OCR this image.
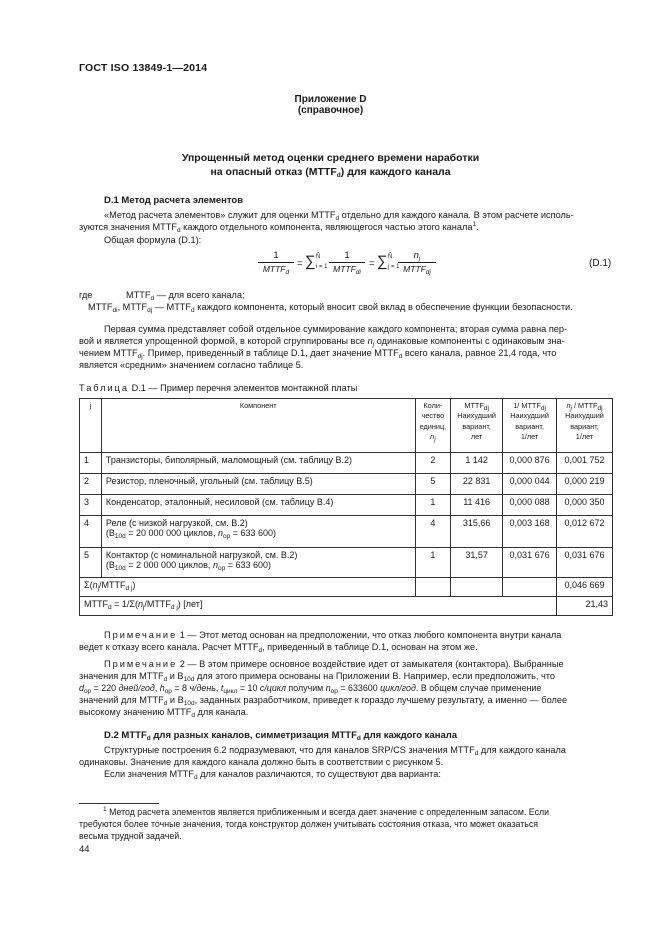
ГОСТ ISO 13849-1—2014
Приложение D
(справочное)
Упрощенный метод оценки среднего времени наработки
на опасный отказ $(MTTF_d)$ для каждого канала
D.1 Метод расчета элементов
«Метод расчета элементов» служит для оценки $MTTF_d$ отдельно для каждого канала. В этом расчете исполь-
зуются значения $MTTF_d$ каждого отдельного компонента, являющегося частью этого канала$^1$.
Общая формула (D.1):
1
$MTTF_d$
= ∑ Ñ
i = 1
1
$MTTF_{di}$
= ∑ Ñ
j = 1
$n_j$
$MTTF_{dj}$
(D.1)
где	$MTTF_d$ — для всего канала;
$MTTF_{di}$, $MTTF_{dj}$ — $MTTF_d$ каждого компонента, который вносит свой вклад в обеспечение функции безопасности.
Первая сумма представляет собой отдельное суммирование каждого компонента; вторая сумма равна пер-
вой и является упрощенной формой, в которой сгруппированы все $n_j$ одинаковые компоненты с одинаковым зна-
чением $MTTF_{dj}$. Пример, приведенный в таблице D.1, дает значение $MTTF_d$ всего канала, равное 21,4 года, что
является «средним» значением согласно таблице 5.
Таблица D.1 — Пример перечня элементов монтажной платы
j	Компонент	Коли-
чество
единиц,
$n_j$	$MTTF_{dj}$
Наихудший
вариант,
лет	1/ $MTTF_{dj}$
Наихудший
вариант,
1/лет	$n_j$ / $MTTF_{dj}$
Наихудший
вариант,
1/лет
1	Транзисторы, биполярный, маломощный (см. таблицу B.2)	2	1 142	0,000 876	0,001 752
2	Резистор, пленочный, угольный (см. таблицу B.5)	5	22 831	0,000 044	0,000 219
3	Конденсатор, эталонный, несиловой (см. таблицу B.4)	1	11 416	0,000 088	0,000 350
4	Реле (с низкой нагрузкой, см. B.2)
($B_{10d} = 20$ 000 000 циклов, $n_{op} = 633$ 600)	4	315,66	0,003 168	0,012 672
5	Контактор (с номинальной нагрузкой, см. B.2)
($B_{10d} = 2$ 000 000 циклов, $n_{op} = 633$ 600)	1	31,57	0,031 676	0,031 676
$\Sigma(n_j/MTTF_{d j})$					0,046 669
$MTTF_d$ = $1/\Sigma(n_j/MTTF_{d j})$ [лет]					21,43
Примечание 1 — Этот метод основан на предположении, что отказ любого компонента внутри канала
ведет к отказу всего канала. Расчет $MTTF_d$, приведенный в таблице D.1, основан на этом же.
Примечание 2 — В этом примере основное воздействие идет от замыкателя (контактора). Выбранные
значения для $MTTF_d$ и $B_{10d}$ для этого примера основаны на Приложении B. Например, если предположить, что
$d_{op} = 220$ дней/год, $h_{op} = 8$ ч/день, $t_{цикл} = 10$ с/цикл получим $n_{op} = 633600$ цикл/год. В общем случае применение
значений для $MTTF_d$ и $B_{10d}$, заданных разработчиком, приведет к гораздо лучшему результату, а именно — более
высокому значению $MTTF_d$ для канала.
D.2 $MTTF_d$ для разных каналов, симметризация $MTTF_d$ для каждого канала
Структурные построения 6.2 подразумевают, что для каналов SRP/CS значения $MTTF_d$ для каждого канала
одинаковы. Значение для каждого канала должно быть в соответствии с рисунком 5.
Если значения $MTTF_d$ для каналов различаются, то существуют два варианта:
$^1$ Метод расчета элементов является приближенным и всегда дает значение с определенным запасом. Если
требуются более точные значения, тогда конструктор должен учитывать состояния отказа, что может оказаться
весьма трудной задачей.
44
